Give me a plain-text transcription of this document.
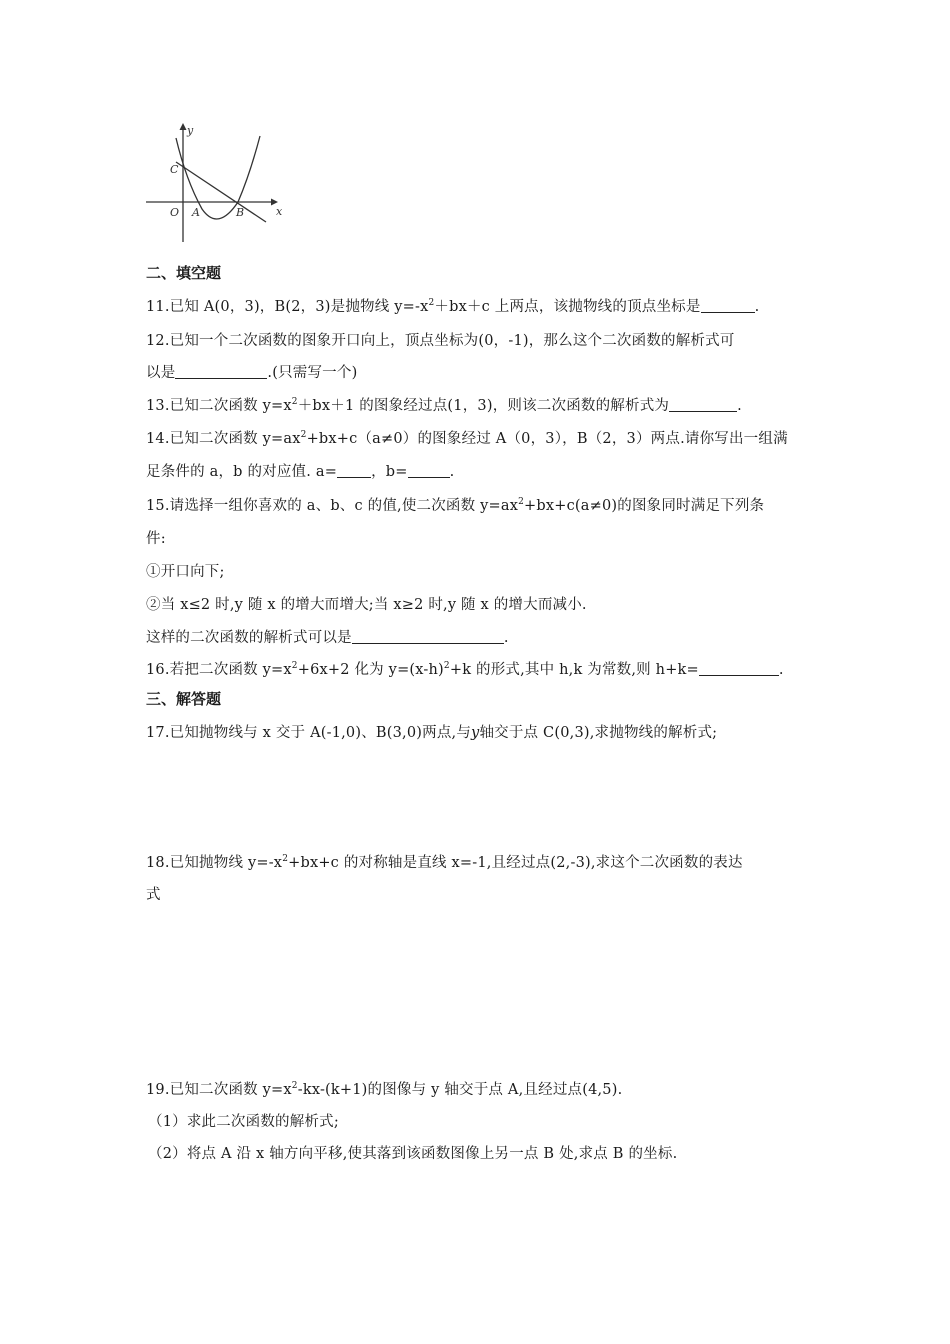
y
x
C
O A	B
二、填空题
11.已知 A(0，3)，B(2，3)是抛物线 $y=-x^2+bx+c$ 上两点，该抛物线的顶点坐标是	.
12.已知一个二次函数的图象开口向上，顶点坐标为(0，-1)，那么这个二次函数的解析式可
以是	.(只需写一个)
13.已知二次函数 $y=x^2+bx+1$ 的图象经过点(1，3)，则该二次函数的解析式为	.
14.已知二次函数 $y=ax^2+bx+c(a\ne 0)$的图象经过 A（0，3），B（2，3）两点.请你写出一组满
足条件的 a，b 的对应值. a= ，b=	.
15.请选择一组你喜欢的 a、b、c 的值,使二次函数 $y=ax^2+bx+c(a\ne 0)$的图象同时满足下列条
件:
①开口向下;
②当 x≤2 时,y 随 x 的增大而增大;当 x≥2 时,y 随 x 的增大而减小.
这样的二次函数的解析式可以是	.
16.若把二次函数 $y=x^2+6x+2$ 化为 $y=(x-h)^2+k$ 的形式,其中 h,k 为常数,则 h+k=	.
三、解答题
17.已知抛物线与 x 交于 A(-1,0)、B(3,0)两点,与𝑦轴交于点 C(0,3),求抛物线的解析式;
18.已知抛物线 $y=-x^2+bx+c$ 的对称轴是直线 x=-1,且经过点(2,-3),求这个二次函数的表达
式
19.已知二次函数 $y=x^2-kx-(k+1)$的图像与 y 轴交于点 A,且经过点(4,5).
（1）求此二次函数的解析式;
（2）将点 A 沿 x 轴方向平移,使其落到该函数图像上另一点 B 处,求点 B 的坐标.
